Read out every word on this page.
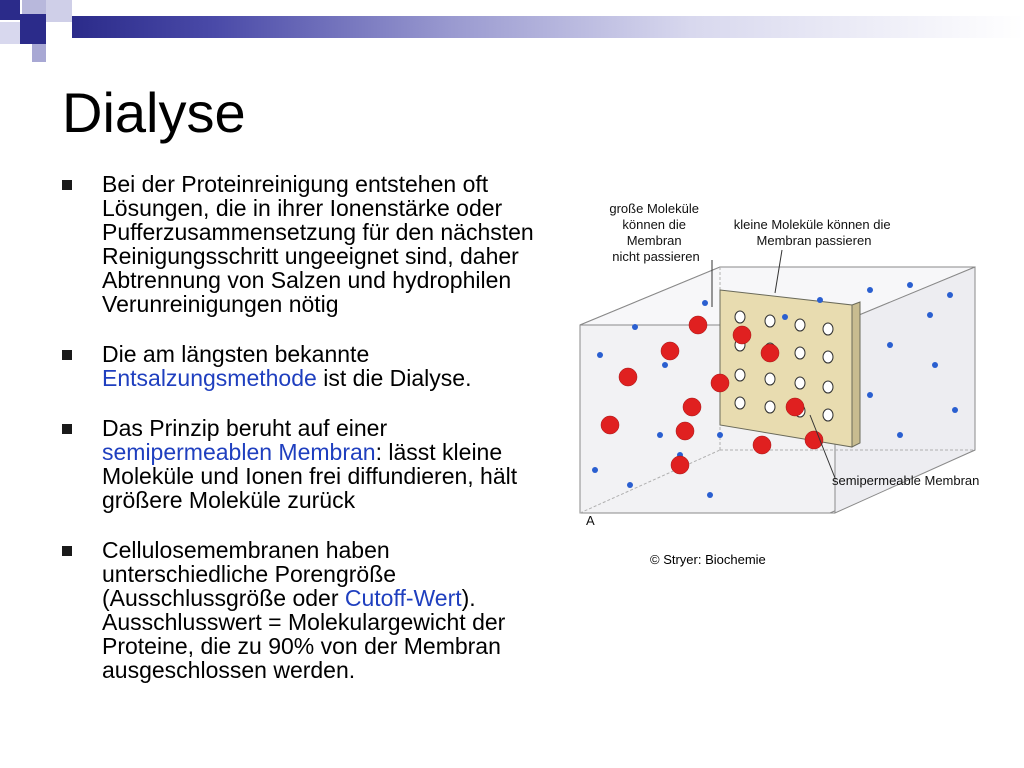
Dialyse
Bei der Proteinreinigung entstehen oft Lösungen, die in ihrer Ionenstärke oder Pufferzusammensetzung für den nächsten Reinigungsschritt ungeeignet sind, daher Abtrennung von Salzen und hydrophilen Verunreinigungen nötig
Die am längsten bekannte Entsalzungsmethode ist die Dialyse.
Das Prinzip beruht auf einer semipermeablen Membran: lässt kleine Moleküle und Ionen frei diffundieren, hält größere Moleküle zurück
Cellulosemembranen haben unterschiedliche Porengröße (Ausschlussgröße oder Cutoff-Wert). Ausschlusswert = Molekulargewicht der Proteine, die zu 90% von der Membran ausgeschlossen werden.
große Moleküle können die Membran nicht passieren
kleine Moleküle können die Membran passieren
semipermeable Membran
A
© Stryer: Biochemie
